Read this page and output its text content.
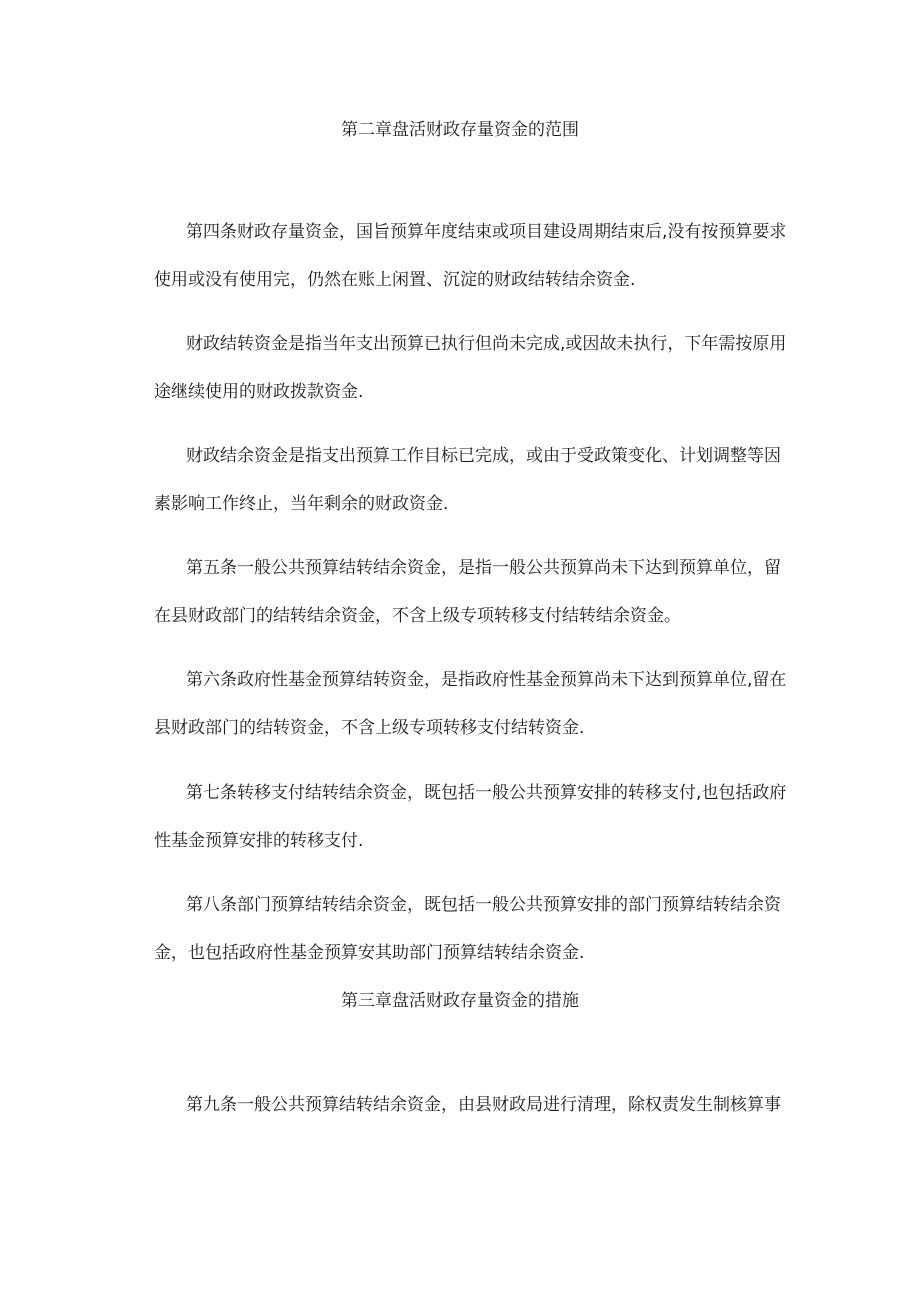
第二章盘活财政存量资金的范围

第四条财政存量资金，国旨预算年度结束或项目建设周期结束后,没有按预算要求

使用或没有使用完，仍然在账上闲置、沉淀的财政结转结余资金.

财政结转资金是指当年支出预算已执行但尚未完成,或因故未执行，下年需按原用

途继续使用的财政拨款资金.

财政结余资金是指支出预算工作目标已完成，或由于受政策变化、计划调整等因

素影响工作终止，当年剩余的财政资金.

第五条一般公共预算结转结余资金，是指一般公共预算尚未下达到预算单位，留

在县财政部门的结转结余资金，不含上级专项转移支付结转结余资金。

第六条政府性基金预算结转资金，是指政府性基金预算尚未下达到预算单位,留在

县财政部门的结转资金，不含上级专项转移支付结转资金.

第七条转移支付结转结余资金，既包括一般公共预算安排的转移支付,也包括政府

性基金预算安排的转移支付.

第八条部门预算结转结余资金，既包括一般公共预算安排的部门预算结转结余资

金，也包括政府性基金预算安其助部门预算结转结余资金.

第三章盘活财政存量资金的措施

第九条一般公共预算结转结余资金，由县财政局进行清理，除权责发生制核算事
